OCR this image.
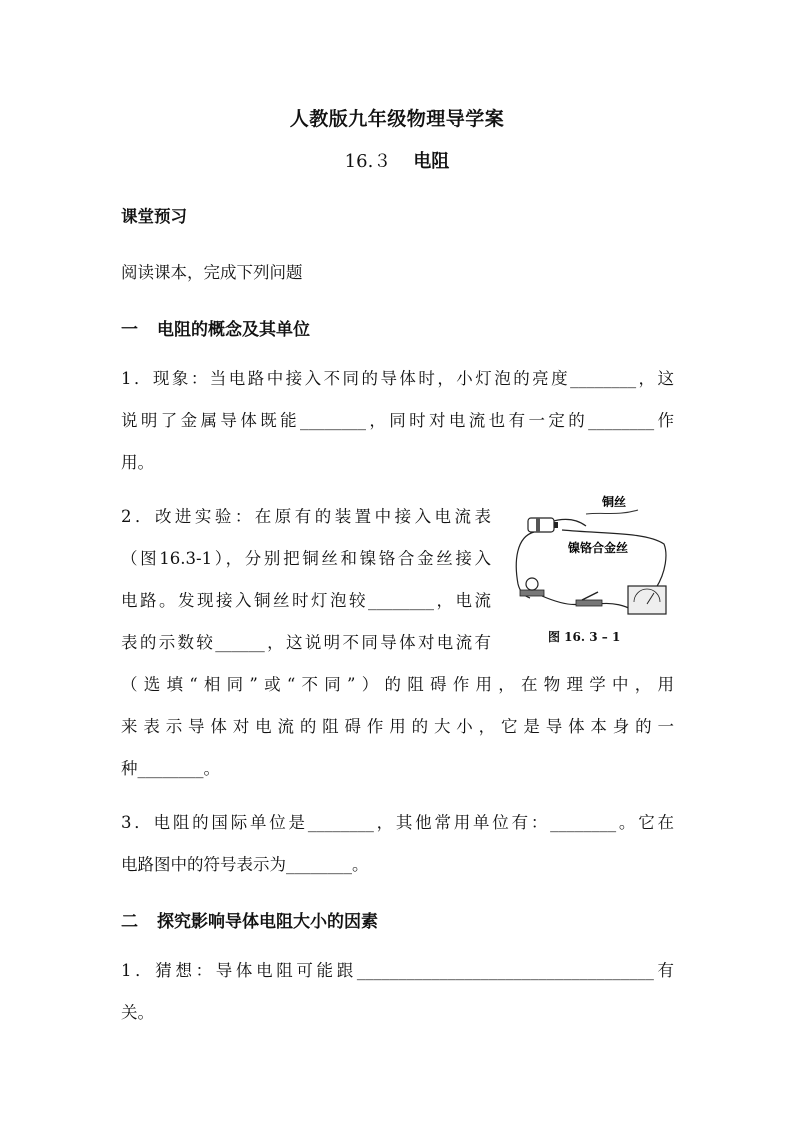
人教版九年级物理导学案
16.３ 电阻
课堂预习
阅读课本，完成下列问题
一 电阻的概念及其单位
1．现象：当电路中接入不同的导体时，小灯泡的亮度________，这
说明了金属导体既能________，同时对电流也有一定的________作
用。
2．改进实验：在原有的装置中接入电流表
（图16.3-1），分别把铜丝和镍铬合金丝接入
电路。发现接入铜丝时灯泡较________，电流
表的示数较______，这说明不同导体对电流有
（选填“相同”或“不同”）的阻碍作用，在物理学中，用
来表示导体对电流的阻碍作用的大小，它是导体本身的一
种________。
铜丝
镍铬合金丝
图 16. 3 – 1
3．电阻的国际单位是________，其他常用单位有：________。它在
电路图中的符号表示为________。
二 探究影响导体电阻大小的因素
1．猜想：导体电阻可能跟____________________________________有
关。
